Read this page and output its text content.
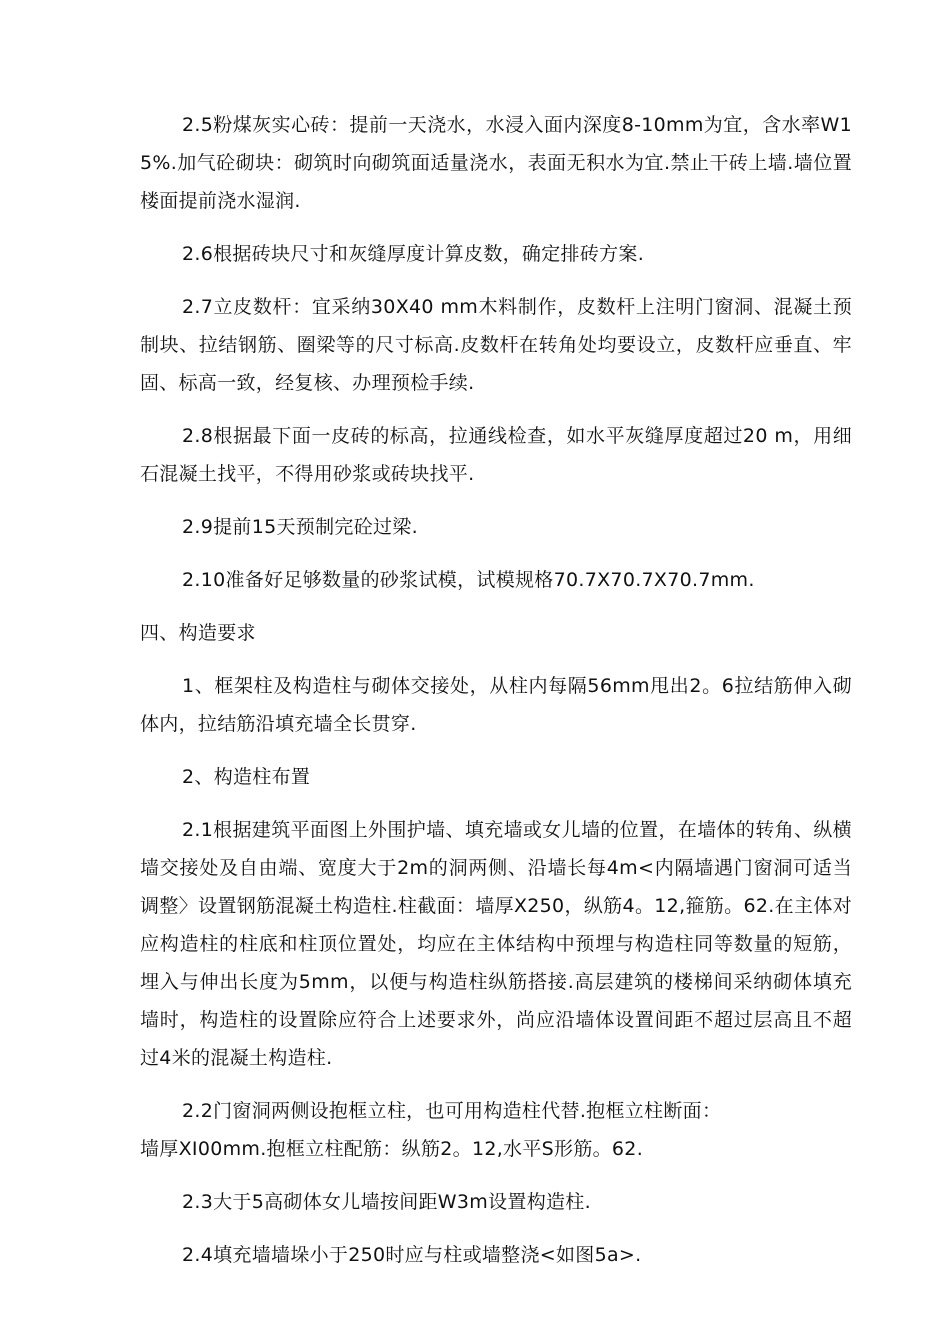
2.5粉煤灰实心砖：提前一天浇水，水浸入面内深度8-10mm为宜，含水率W15%.加气砼砌块：砌筑时向砌筑面适量浇水，表面无积水为宜.禁止干砖上墙.墙位置楼面提前浇水湿润.

2.6根据砖块尺寸和灰缝厚度计算皮数，确定排砖方案.

2.7立皮数杆：宜采纳30X40 mm木料制作，皮数杆上注明门窗洞、混凝土预制块、拉结钢筋、圈梁等的尺寸标高.皮数杆在转角处均要设立，皮数杆应垂直、牢固、标高一致，经复核、办理预检手续.

2.8根据最下面一皮砖的标高，拉通线检查，如水平灰缝厚度超过20 m，用细石混凝土找平，不得用砂浆或砖块找平.

2.9提前15天预制完砼过梁.

2.10准备好足够数量的砂浆试模，试模规格70.7X70.7X70.7mm.

四、构造要求

1、框架柱及构造柱与砌体交接处，从柱内每隔56mm甩出2。6拉结筋伸入砌体内，拉结筋沿填充墙全长贯穿.

2、构造柱布置

2.1根据建筑平面图上外围护墙、填充墙或女儿墙的位置，在墙体的转角、纵横墙交接处及自由端、宽度大于2m的洞两侧、沿墙长每4m<内隔墙遇门窗洞可适当调整〉设置钢筋混凝土构造柱.柱截面：墙厚X250，纵筋4。12,箍筋。62.在主体对应构造柱的柱底和柱顶位置处，均应在主体结构中预埋与构造柱同等数量的短筋，埋入与伸出长度为5mm，以便与构造柱纵筋搭接.高层建筑的楼梯间采纳砌体填充墙时，构造柱的设置除应符合上述要求外，尚应沿墙体设置间距不超过层高且不超过4米的混凝土构造柱.

2.2门窗洞两侧设抱框立柱，也可用构造柱代替.抱框立柱断面：

墙厚XI00mm.抱框立柱配筋：纵筋2。12,水平S形筋。62.

2.3大于5高砌体女儿墙按间距W3m设置构造柱.

2.4填充墙墙垛小于250时应与柱或墙整浇<如图5a>.
